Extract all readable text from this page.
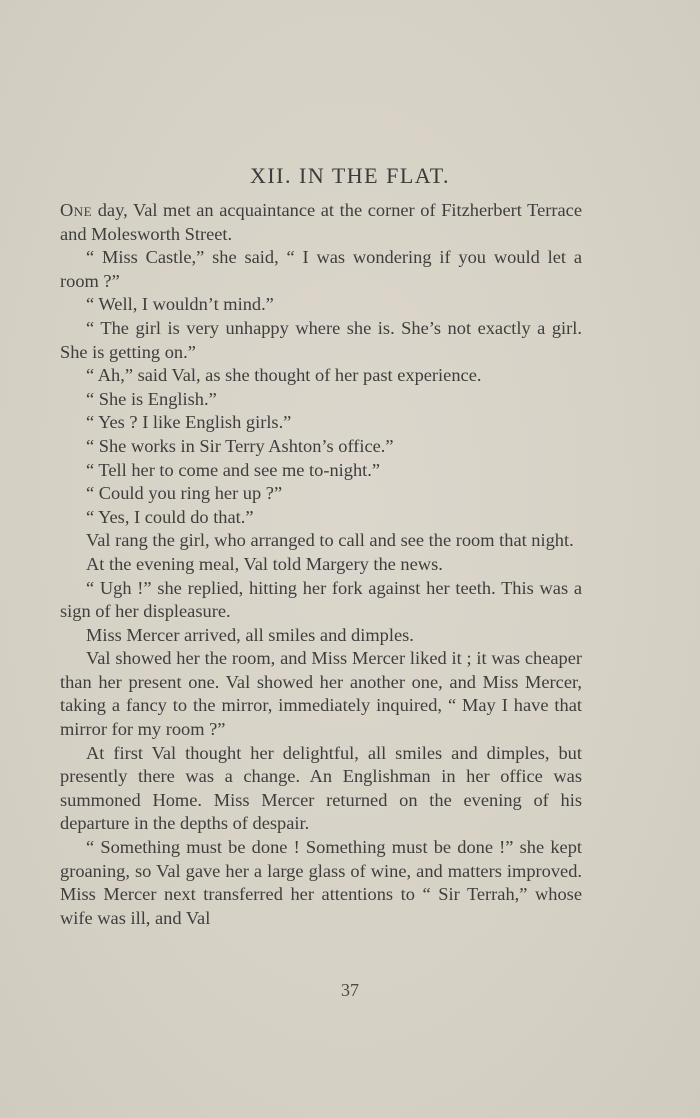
XII. IN THE FLAT.

One day, Val met an acquaintance at the corner of Fitzherbert Terrace and Molesworth Street.

“ Miss Castle,” she said, “ I was wondering if you would let a room ?”

“ Well, I wouldn’t mind.”

“ The girl is very unhappy where she is. She’s not exactly a girl. She is getting on.”

“ Ah,” said Val, as she thought of her past experience.

“ She is English.”

“ Yes ? I like English girls.”

“ She works in Sir Terry Ashton’s office.”

“ Tell her to come and see me to-night.”

“ Could you ring her up ?”

“ Yes, I could do that.”

Val rang the girl, who arranged to call and see the room that night.

At the evening meal, Val told Margery the news.

“ Ugh !” she replied, hitting her fork against her teeth. This was a sign of her displeasure.

Miss Mercer arrived, all smiles and dimples.

Val showed her the room, and Miss Mercer liked it ; it was cheaper than her present one. Val showed her another one, and Miss Mercer, taking a fancy to the mirror, immediately inquired, “ May I have that mirror for my room ?”

At first Val thought her delightful, all smiles and dimples, but presently there was a change. An Englishman in her office was summoned Home. Miss Mercer returned on the evening of his departure in the depths of despair.

“ Something must be done ! Something must be done !” she kept groaning, so Val gave her a large glass of wine, and matters improved. Miss Mercer next transferred her attentions to “ Sir Terrah,” whose wife was ill, and Val

37
